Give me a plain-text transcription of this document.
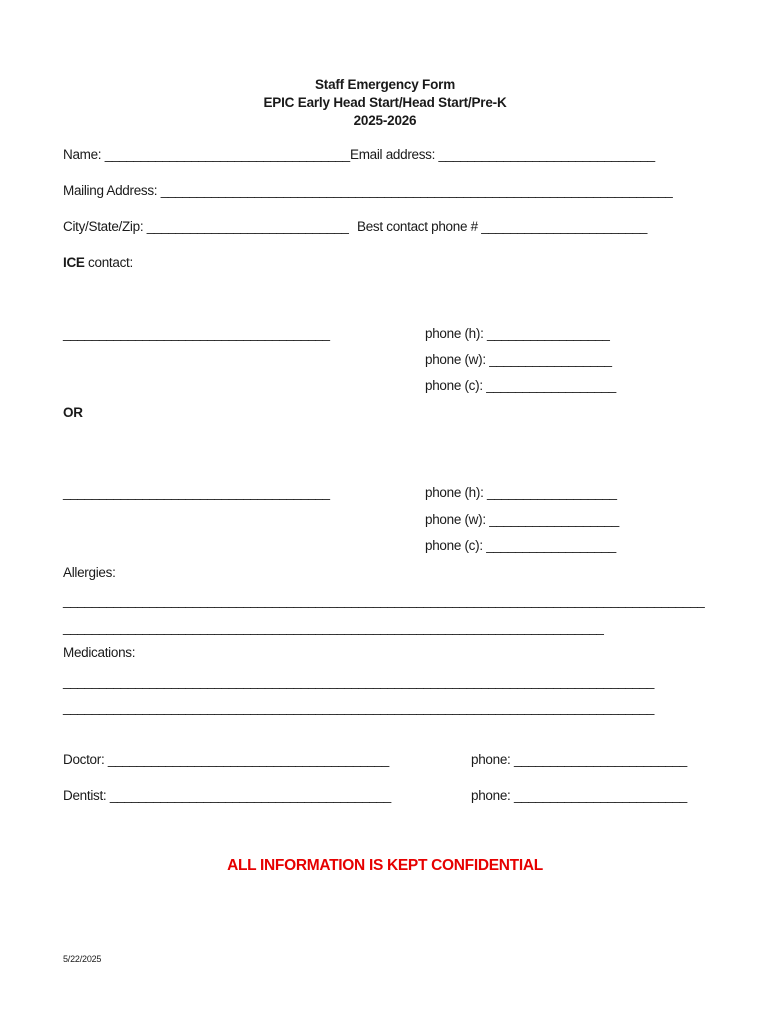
Staff Emergency Form
EPIC Early Head Start/Head Start/Pre-K
2025-2026
Name: __________________________________ Email address: ______________________________
Mailing Address: _______________________________________________________________________
City/State/Zip: ____________________________ Best contact phone # _______________________
ICE contact:
_____________________________________	phone (h): _________________
phone (w): _________________
phone (c): __________________
OR
_____________________________________	phone (h): __________________
phone (w): __________________
phone (c): __________________
Allergies:
_________________________________________________________________________________________
___________________________________________________________________________
Medications:
__________________________________________________________________________________
__________________________________________________________________________________
Doctor: _______________________________________	phone: ________________________
Dentist: _______________________________________	phone: ________________________
ALL INFORMATION IS KEPT CONFIDENTIAL
5/22/2025
